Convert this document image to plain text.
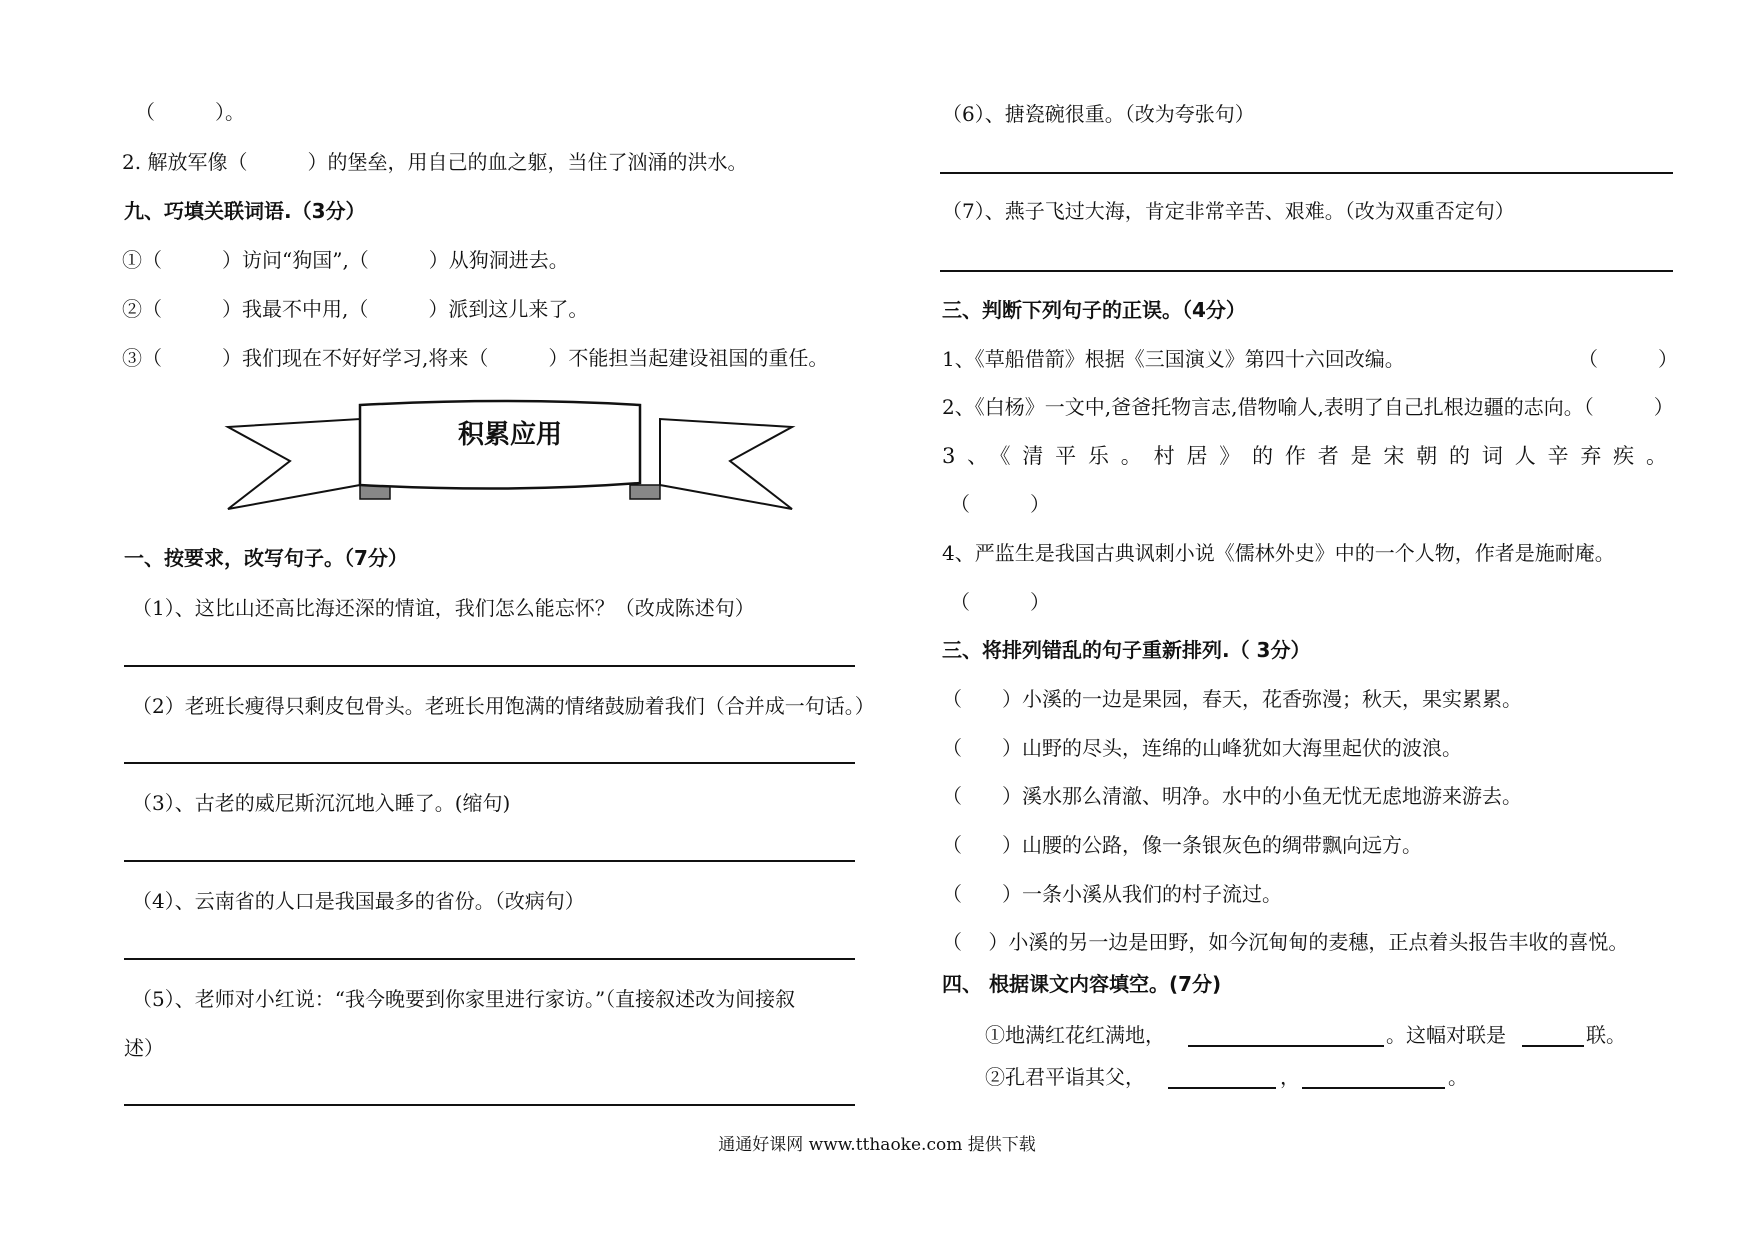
（　　　）。
2. 解放军像（　　　）的堡垒，用自己的血之躯，当住了汹涌的洪水。
九、巧填关联词语.（3分）
①（　　　）访问“狗国”,（　　　）从狗洞进去。
②（　　　）我最不中用,（　　　）派到这儿来了。
③（　　　）我们现在不好好学习,将来（　　　）不能担当起建设祖国的重任。
积累应用
一、按要求，改写句子。（7分）
（1）、这比山还高比海还深的情谊，我们怎么能忘怀？（改成陈述句）
（2）老班长瘦得只剩皮包骨头。老班长用饱满的情绪鼓励着我们（合并成一句话。）
（3）、古老的威尼斯沉沉地入睡了。(缩句)
（4）、云南省的人口是我国最多的省份。（改病句）
（5）、老师对小红说：“我今晚要到你家里进行家访。”（直接叙述改为间接叙
述）
（6）、搪瓷碗很重。（改为夸张句）
（7）、燕子飞过大海，肯定非常辛苦、艰难。（改为双重否定句）
三、判断下列句子的正误。（4分）
1、《草船借箭》根据《三国演义》第四十六回改编。	（　　　）
2、《白杨》一文中,爸爸托物言志,借物喻人,表明了自己扎根边疆的志向。（　　　）
3、《清平乐。村居》的作者是宋朝的词人辛弃疾。
（　　　）
4、严监生是我国古典讽刺小说《儒林外史》中的一个人物，作者是施耐庵。
（　　　）
三、将排列错乱的句子重新排列.（ 3分）
（　　）小溪的一边是果园，春天，花香弥漫；秋天，果实累累。
（　　）山野的尽头，连绵的山峰犹如大海里起伏的波浪。
（　　）溪水那么清澈、明净。水中的小鱼无忧无虑地游来游去。
（　　）山腰的公路，像一条银灰色的绸带飘向远方。
（　　）一条小溪从我们的村子流过。
（　 ）小溪的另一边是田野，如今沉甸甸的麦穗，正点着头报告丰收的喜悦。
四、 根据课文内容填空。(7分)
①地满红花红满地，	。这幅对联是	联。
②孔君平诣其父，	，	。
通通好课网 www.tthaoke.com 提供下载
